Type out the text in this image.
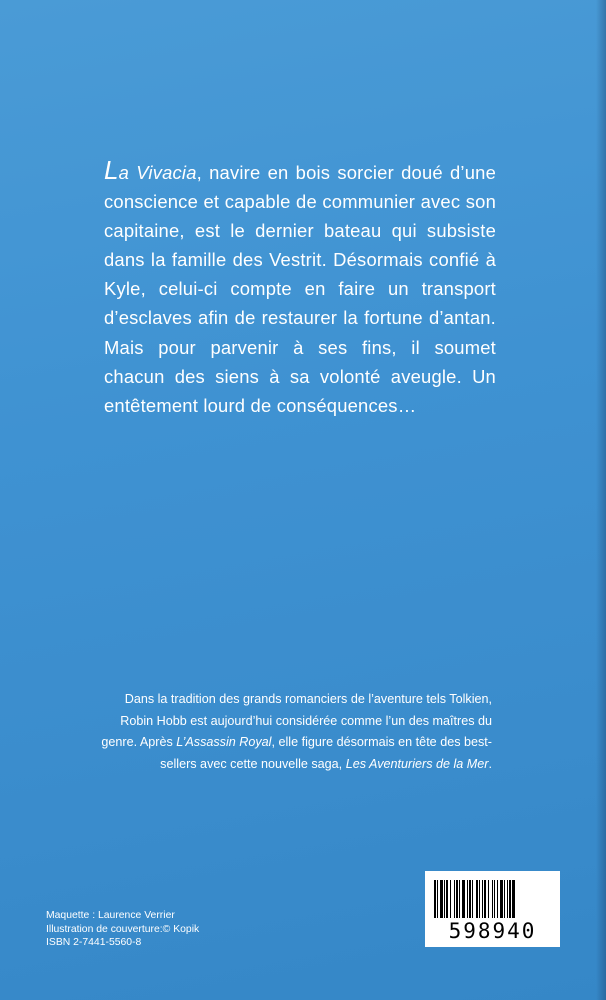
La Vivacia, navire en bois sorcier doué d’une conscience et capable de communier avec son capitaine, est le dernier bateau qui subsiste dans la famille des Vestrit. Désormais confié à Kyle, celui-ci compte en faire un transport d’esclaves afin de restaurer la fortune d’antan. Mais pour parvenir à ses fins, il soumet chacun des siens à sa volonté aveugle. Un entêtement lourd de conséquences…

Dans la tradition des grands romanciers de l’aventure tels Tolkien, Robin Hobb est aujourd’hui considérée comme l’un des maîtres du genre. Après L’Assassin Royal, elle figure désormais en tête des best-sellers avec cette nouvelle saga, Les Aventuriers de la Mer.

Maquette : Laurence Verrier
Illustration de couverture:© Kopik
ISBN 2-7441-5560-8	598940
